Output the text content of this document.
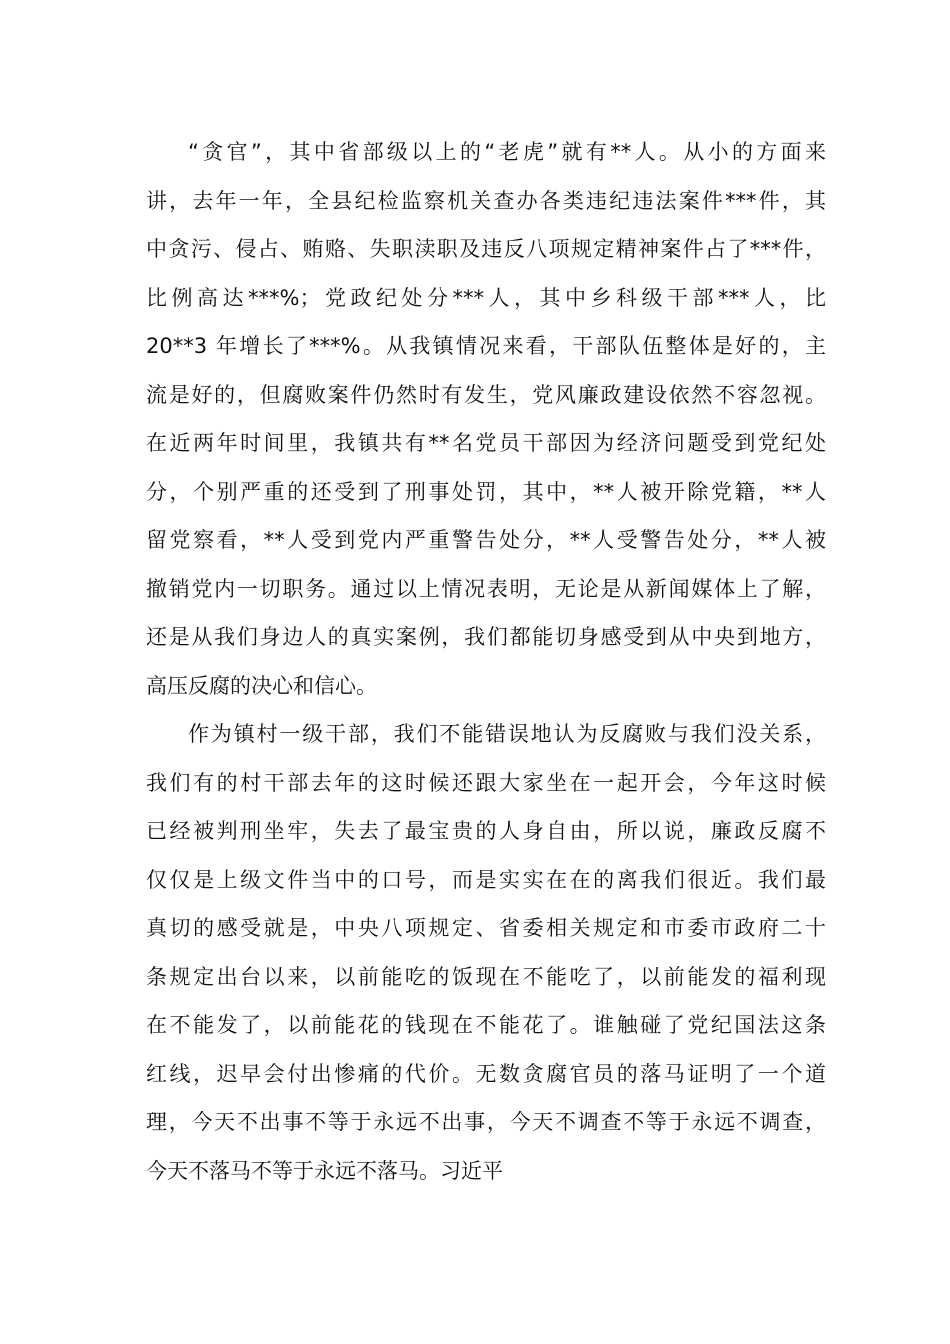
“贪官”，其中省部级以上的“老虎”就有**人。从小的方面来
讲，去年一年，全县纪检监察机关查办各类违纪违法案件***件，其
中贪污、侵占、贿赂、失职渎职及违反八项规定精神案件占了***件，
比例高达***%；党政纪处分***人，其中乡科级干部***人，比
20**3 年增长了***%。从我镇情况来看，干部队伍整体是好的，主
流是好的，但腐败案件仍然时有发生，党风廉政建设依然不容忽视。
在近两年时间里，我镇共有**名党员干部因为经济问题受到党纪处
分，个别严重的还受到了刑事处罚，其中，**人被开除党籍，**人
留党察看，**人受到党内严重警告处分，**人受警告处分，**人被
撤销党内一切职务。通过以上情况表明，无论是从新闻媒体上了解，
还是从我们身边人的真实案例，我们都能切身感受到从中央到地方，
高压反腐的决心和信心。
作为镇村一级干部，我们不能错误地认为反腐败与我们没关系，
我们有的村干部去年的这时候还跟大家坐在一起开会，今年这时候
已经被判刑坐牢，失去了最宝贵的人身自由，所以说，廉政反腐不
仅仅是上级文件当中的口号，而是实实在在的离我们很近。我们最
真切的感受就是，中央八项规定、省委相关规定和市委市政府二十
条规定出台以来，以前能吃的饭现在不能吃了，以前能发的福利现
在不能发了，以前能花的钱现在不能花了。谁触碰了党纪国法这条
红线，迟早会付出惨痛的代价。无数贪腐官员的落马证明了一个道
理，今天不出事不等于永远不出事，今天不调查不等于永远不调查，
今天不落马不等于永远不落马。习近平
